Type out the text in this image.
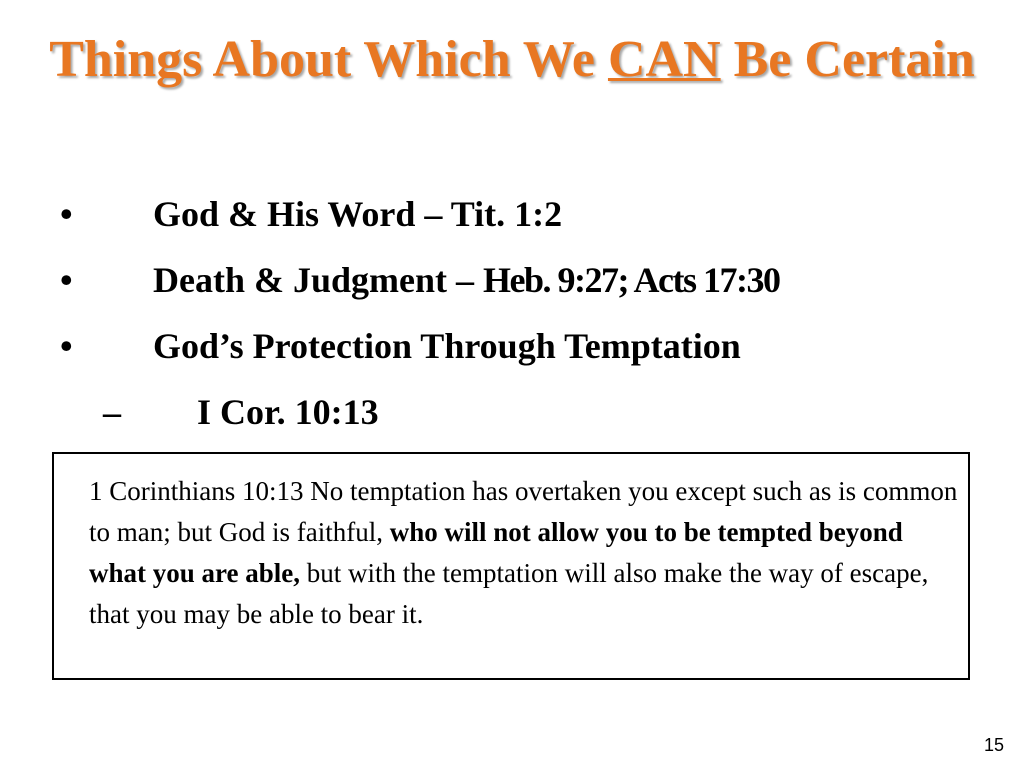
Things About Which We CAN Be Certain
• God & His Word – Tit. 1:2
• Death & Judgment – Heb. 9:27; Acts 17:30
• God’s Protection Through Temptation
– I Cor. 10:13
1 Corinthians 10:13 No temptation has overtaken you except such as is common to man; but God is faithful, who will not allow you to be tempted beyond what you are able, but with the temptation will also make the way of escape, that you may be able to bear it.
15
